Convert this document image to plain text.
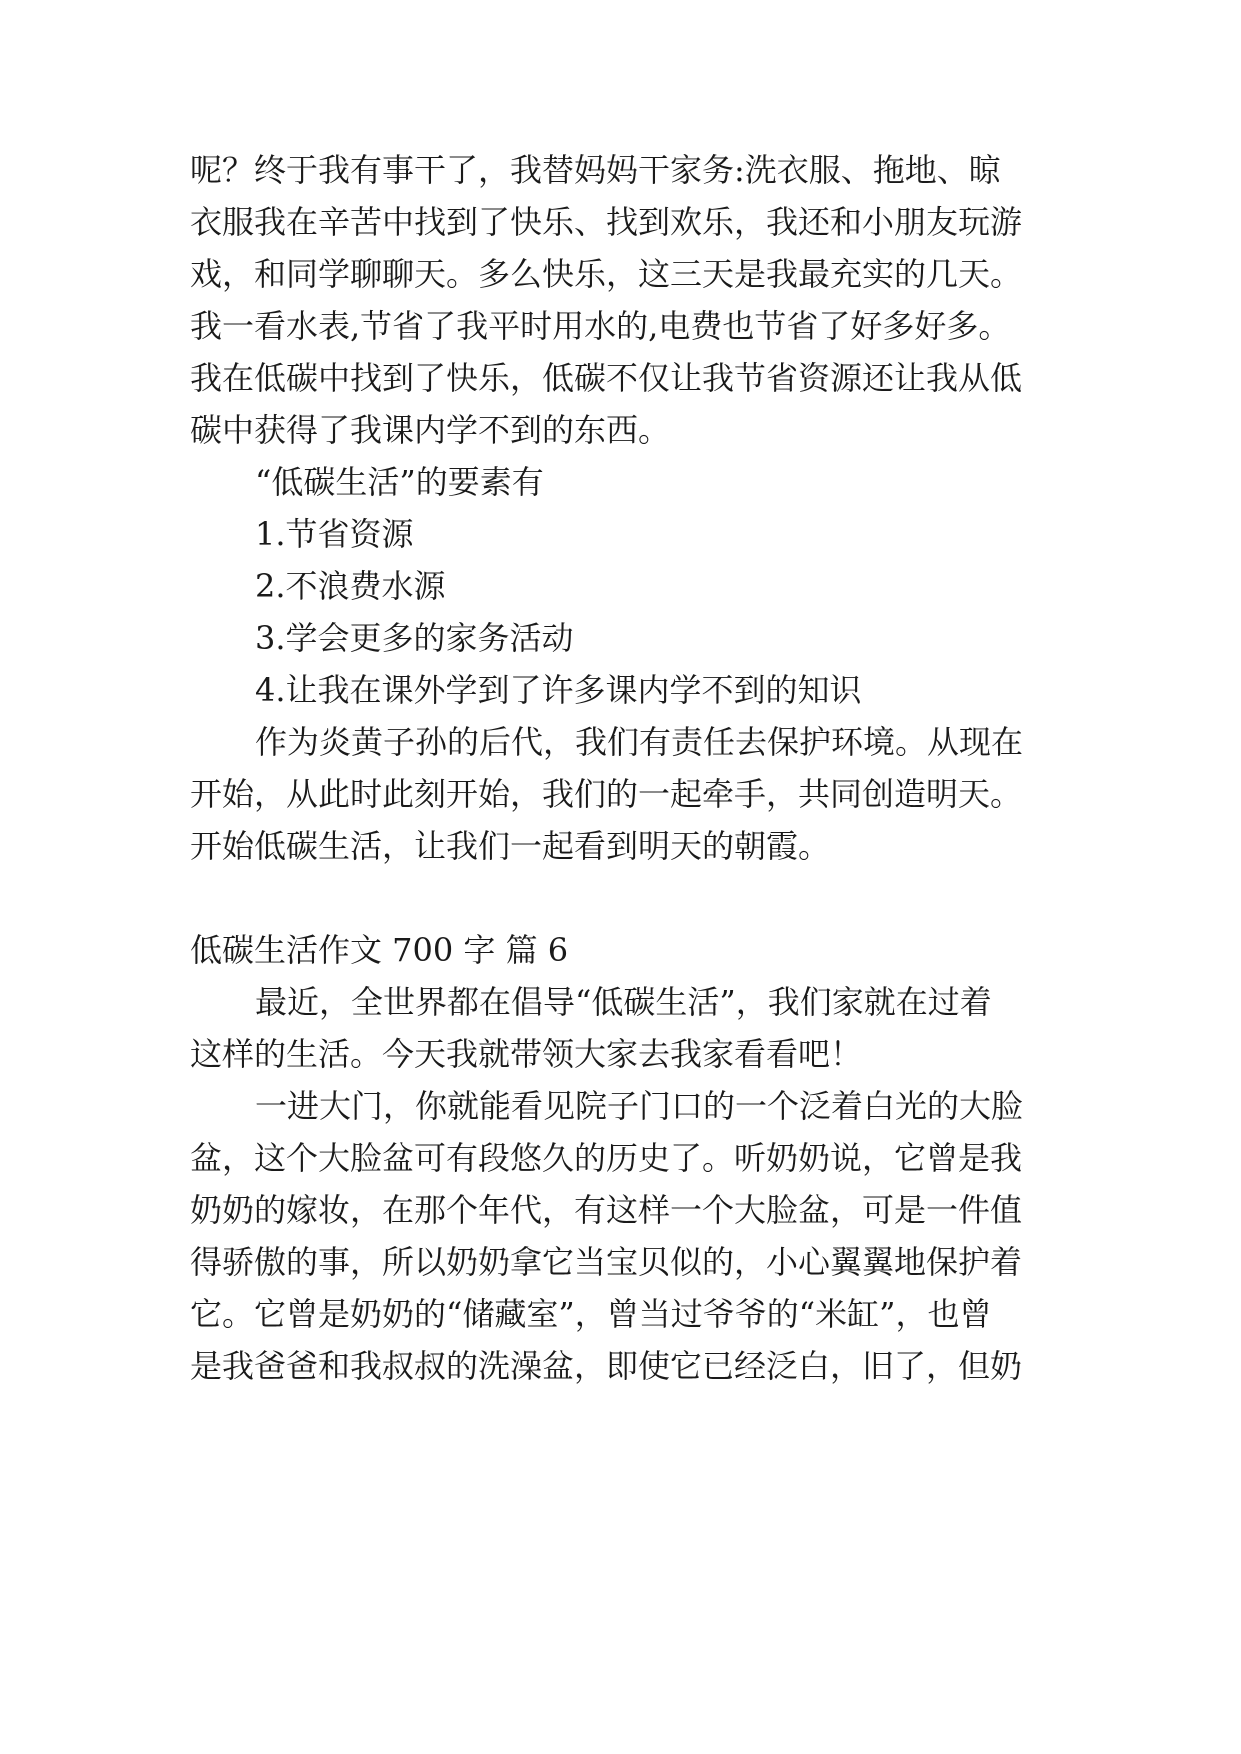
呢？终于我有事干了，我替妈妈干家务:洗衣服、拖地、晾
衣服我在辛苦中找到了快乐、找到欢乐，我还和小朋友玩游
戏，和同学聊聊天。多么快乐，这三天是我最充实的几天。
我一看水表,节省了我平时用水的,电费也节省了好多好多。
我在低碳中找到了快乐，低碳不仅让我节省资源还让我从低
碳中获得了我课内学不到的东西。
“低碳生活”的要素有
1.节省资源
2.不浪费水源
3.学会更多的家务活动
4.让我在课外学到了许多课内学不到的知识
作为炎黄子孙的后代，我们有责任去保护环境。从现在
开始，从此时此刻开始，我们的一起牵手，共同创造明天。
开始低碳生活，让我们一起看到明天的朝霞。
低碳生活作文 700 字 篇 6
最近，全世界都在倡导“低碳生活”，我们家就在过着
这样的生活。今天我就带领大家去我家看看吧！
一进大门，你就能看见院子门口的一个泛着白光的大脸
盆，这个大脸盆可有段悠久的历史了。听奶奶说，它曾是我
奶奶的嫁妆，在那个年代，有这样一个大脸盆，可是一件值
得骄傲的事，所以奶奶拿它当宝贝似的，小心翼翼地保护着
它。它曾是奶奶的“储藏室”，曾当过爷爷的“米缸”，也曾
是我爸爸和我叔叔的洗澡盆，即使它已经泛白，旧了，但奶
